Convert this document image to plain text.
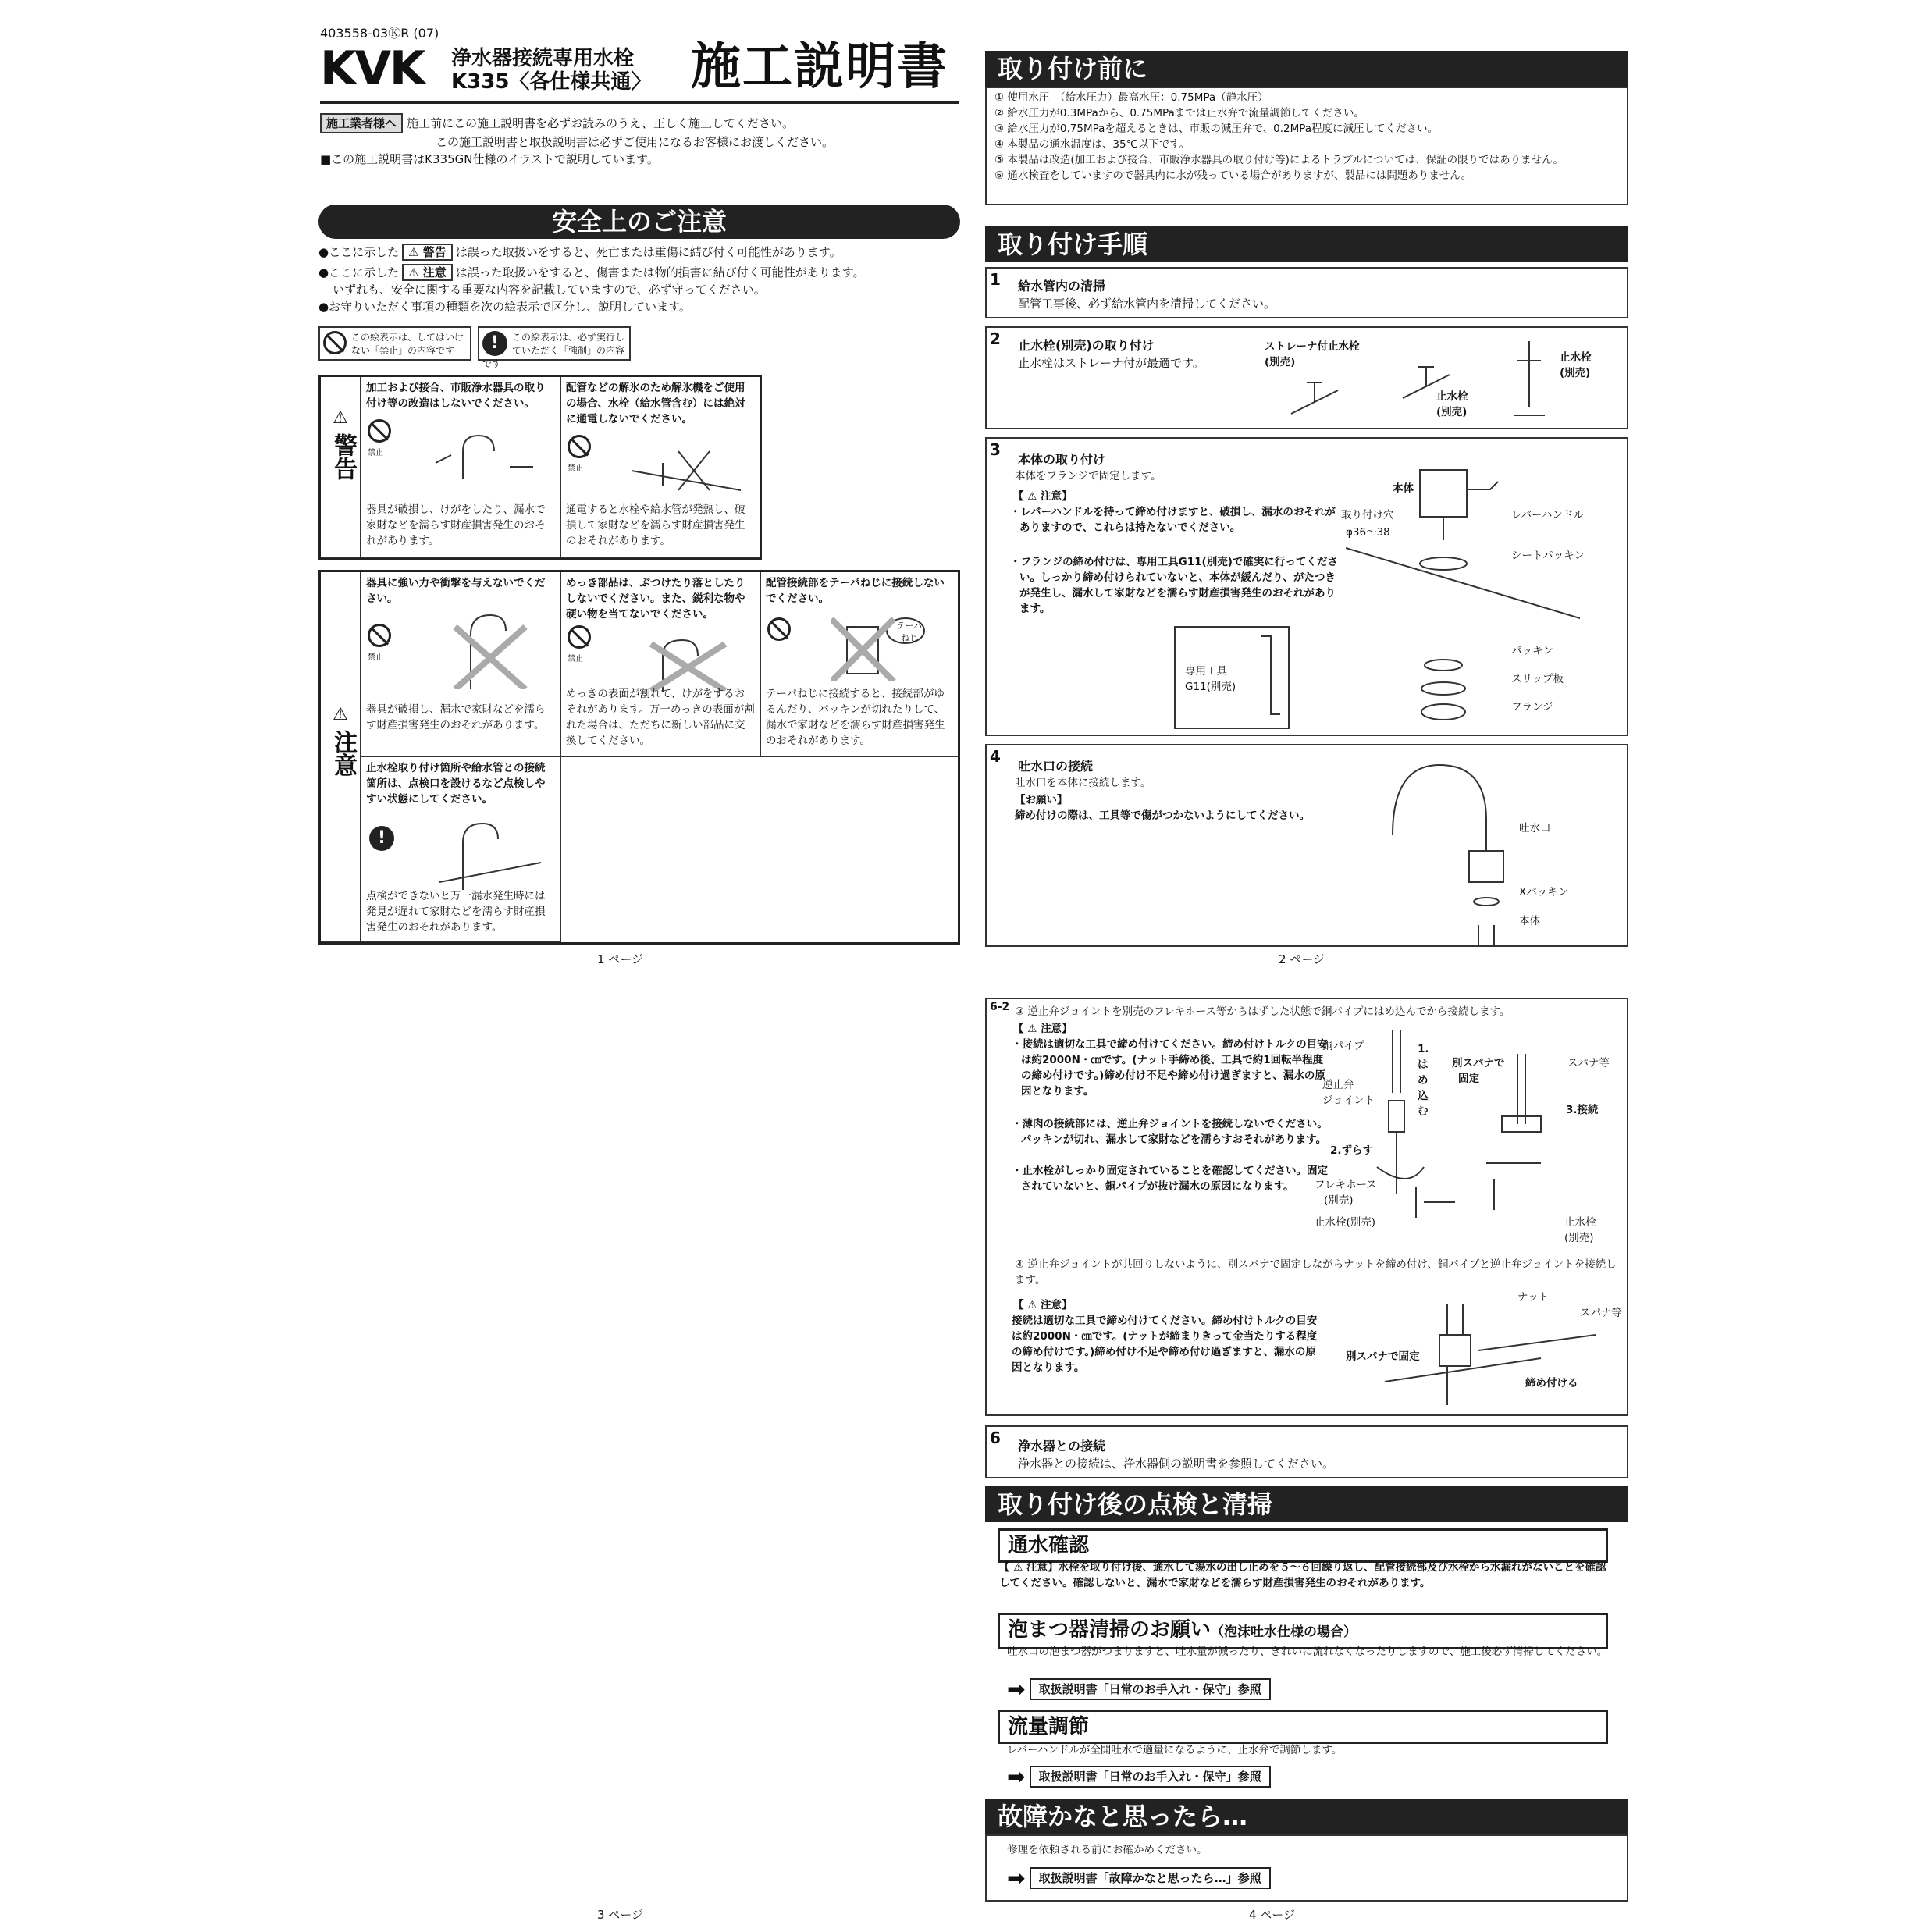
403558-03ⓀR (07)
KVK 浄水器接続専用水栓
K335〈各仕様共通〉 施工説明書
施工業者様へ 施工前にこの施工説明書を必ずお読みのうえ、正しく施工してください。
この施工説明書と取扱説明書は必ずご使用になるお客様にお渡しください。
■この施工説明書はK335GN仕様のイラストで説明しています。
安全上のご注意
●ここに示した ⚠ 警告 は誤った取扱いをすると、死亡または重傷に結び付く可能性があります。
●ここに示した ⚠ 注意 は誤った取扱いをすると、傷害または物的損害に結び付く可能性があります。
いずれも、安全に関する重要な内容を記載していますので、必ず守ってください。
●お守りいただく事項の種類を次の絵表示で区分し、説明しています。
この絵表示は、してはいけない「禁止」の内容です	!	この絵表示は、必ず実行していただく「強制」の内容です
⚠
警告
加工および接合、市販浄水器具の取り付け等の改造はしないでください。
禁止
器具が破損し、けがをしたり、漏水で家財などを濡らす財産損害発生のおそれがあります。
配管などの解氷のため解氷機をご使用の場合、水栓（給水管含む）には絶対に通電しないでください。
禁止
通電すると水栓や給水管が発熱し、破損して家財などを濡らす財産損害発生のおそれがあります。
⚠
注意
器具に強い力や衝撃を与えないでください。
禁止
器具が破損し、漏水で家財などを濡らす財産損害発生のおそれがあります。
めっき部品は、ぶつけたり落としたりしないでください。また、鋭利な物や硬い物を当てないでください。
禁止
めっきの表面が割れて、けがをするおそれがあります。万一めっきの表面が割れた場合は、ただちに新しい部品に交換してください。
配管接続部をテーパねじに接続しないでください。
テーパねじ
テーパねじに接続すると、接続部がゆるんだり、パッキンが切れたりして、漏水で家財などを濡らす財産損害発生のおそれがあります。
止水栓取り付け箇所や給水管との接続箇所は、点検口を設けるなど点検しやすい状態にしてください。
!
点検ができないと万一漏水発生時には発見が遅れて家財などを濡らす財産損害発生のおそれがあります。
1 ページ
取り付け前に
① 使用水圧　（給水圧力）最高水圧：0.75MPa（静水圧）
② 給水圧力が0.3MPaから、0.75MPaまでは止水弁で流量調節してください。
③ 給水圧力が0.75MPaを超えるときは、市販の減圧弁で、0.2MPa程度に減圧してください。
④ 本製品の通水温度は、35℃以下です。
⑤ 本製品は改造(加工および接合、市販浄水器具の取り付け等)によるトラブルについては、保証の限りではありません。
⑥ 通水検査をしていますので器具内に水が残っている場合がありますが、製品には問題ありません。
取り付け手順
1 給水管内の清掃
配管工事後、必ず給水管内を清掃してください。
2 止水栓(別売)の取り付け
止水栓はストレーナ付が最適です。
ストレーナ付止水栓
(別売)
止水栓
(別売)
止水栓
(別売)
3
本体の取り付け
本体をフランジで固定します。
【 ⚠ 注意】
・レバーハンドルを持って締め付けますと、破損し、漏水のおそれがありますので、これらは持たないでください。
・フランジの締め付けは、専用工具G11(別売)で確実に行ってください。しっかり締め付けられていないと、本体が緩んだり、がたつきが発生し、漏水して家財などを濡らす財産損害発生のおそれがあります。
専用工具
G11(別売)
本体
取り付け穴
φ36〜38
レバーハンドル
シートパッキン
パッキン
スリップ板
フランジ
4
吐水口の接続
吐水口を本体に接続します。
【お願い】
締め付けの際は、工具等で傷がつかないようにしてください。
吐水口
Xパッキン
本体
2 ページ
6-2 ③ 逆止弁ジョイントを別売のフレキホース等からはずした状態で銅パイプにはめ込んでから接続します。
【 ⚠ 注意】
・接続は適切な工具で締め付けてください。締め付けトルクの目安は約2000N・㎝です。(ナット手締め後、工具で約1回転半程度の締め付けです。)締め付け不足や締め付け過ぎますと、漏水の原因となります。
・薄肉の接続部には、逆止弁ジョイントを接続しないでください。パッキンが切れ、漏水して家財などを濡らすおそれがあります。
・止水栓がしっかり固定されていることを確認してください。固定されていないと、銅パイプが抜け漏水の原因になります。
銅パイプ
逆止弁
ジョイント
1.はめ込む
2.ずらす
3.接続
別スパナで
固定
スパナ等
フレキホース
(別売)
止水栓(別売)	止水栓
(別売)
④ 逆止弁ジョイントが共回りしないように、別スパナで固定しながらナットを締め付け、銅パイプと逆止弁ジョイントを接続します。
【 ⚠ 注意】
接続は適切な工具で締め付けてください。締め付けトルクの目安は約2000N・㎝です。(ナットが締まりきって金当たりする程度の締め付けです。)締め付け不足や締め付け過ぎますと、漏水の原因となります。
ナット
スパナ等
別スパナで固定
締め付ける
6 浄水器との接続
浄水器との接続は、浄水器側の説明書を参照してください。
取り付け後の点検と清掃
通水確認
【 ⚠ 注意】水栓を取り付け後、通水して湯水の出し止めを５～６回繰り返し、配管接続部及び水栓から水漏れがないことを確認してください。確認しないと、漏水で家財などを濡らす財産損害発生のおそれがあります。
泡まつ器清掃のお願い（泡沫吐水仕様の場合）
吐水口の泡まつ器がつまりますと、吐水量が減ったり、きれいに流れなくなったりしますので、施工後必ず清掃してください。
➡ 取扱説明書「日常のお手入れ・保守」参照
流量調節
レバーハンドルが全開吐水で適量になるように、止水弁で調節します。
➡ 取扱説明書「日常のお手入れ・保守」参照
故障かなと思ったら…
修理を依頼される前にお確かめください。
➡ 取扱説明書「故障かなと思ったら…」参照
4 ページ
3 ページ
